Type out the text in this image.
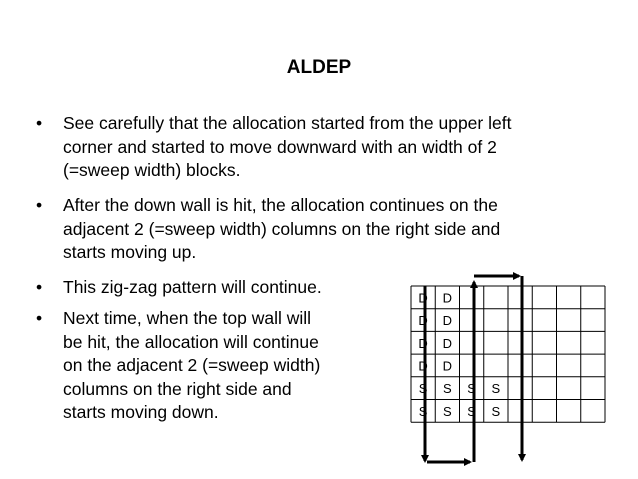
ALDEP
• See carefully that the allocation started from the upper left
corner and started to move downward with an width of 2
(=sweep width) blocks.
• After the down wall is hit, the allocation continues on the
adjacent 2 (=sweep width) columns on the right side and
starts moving up.
• This zig-zag pattern will continue.
• Next time, when the top wall will
be hit, the allocation will continue
on the adjacent 2 (=sweep width)
columns on the right side and
starts moving down.
D D
D D
D D
D D
S S S S
S S S S
